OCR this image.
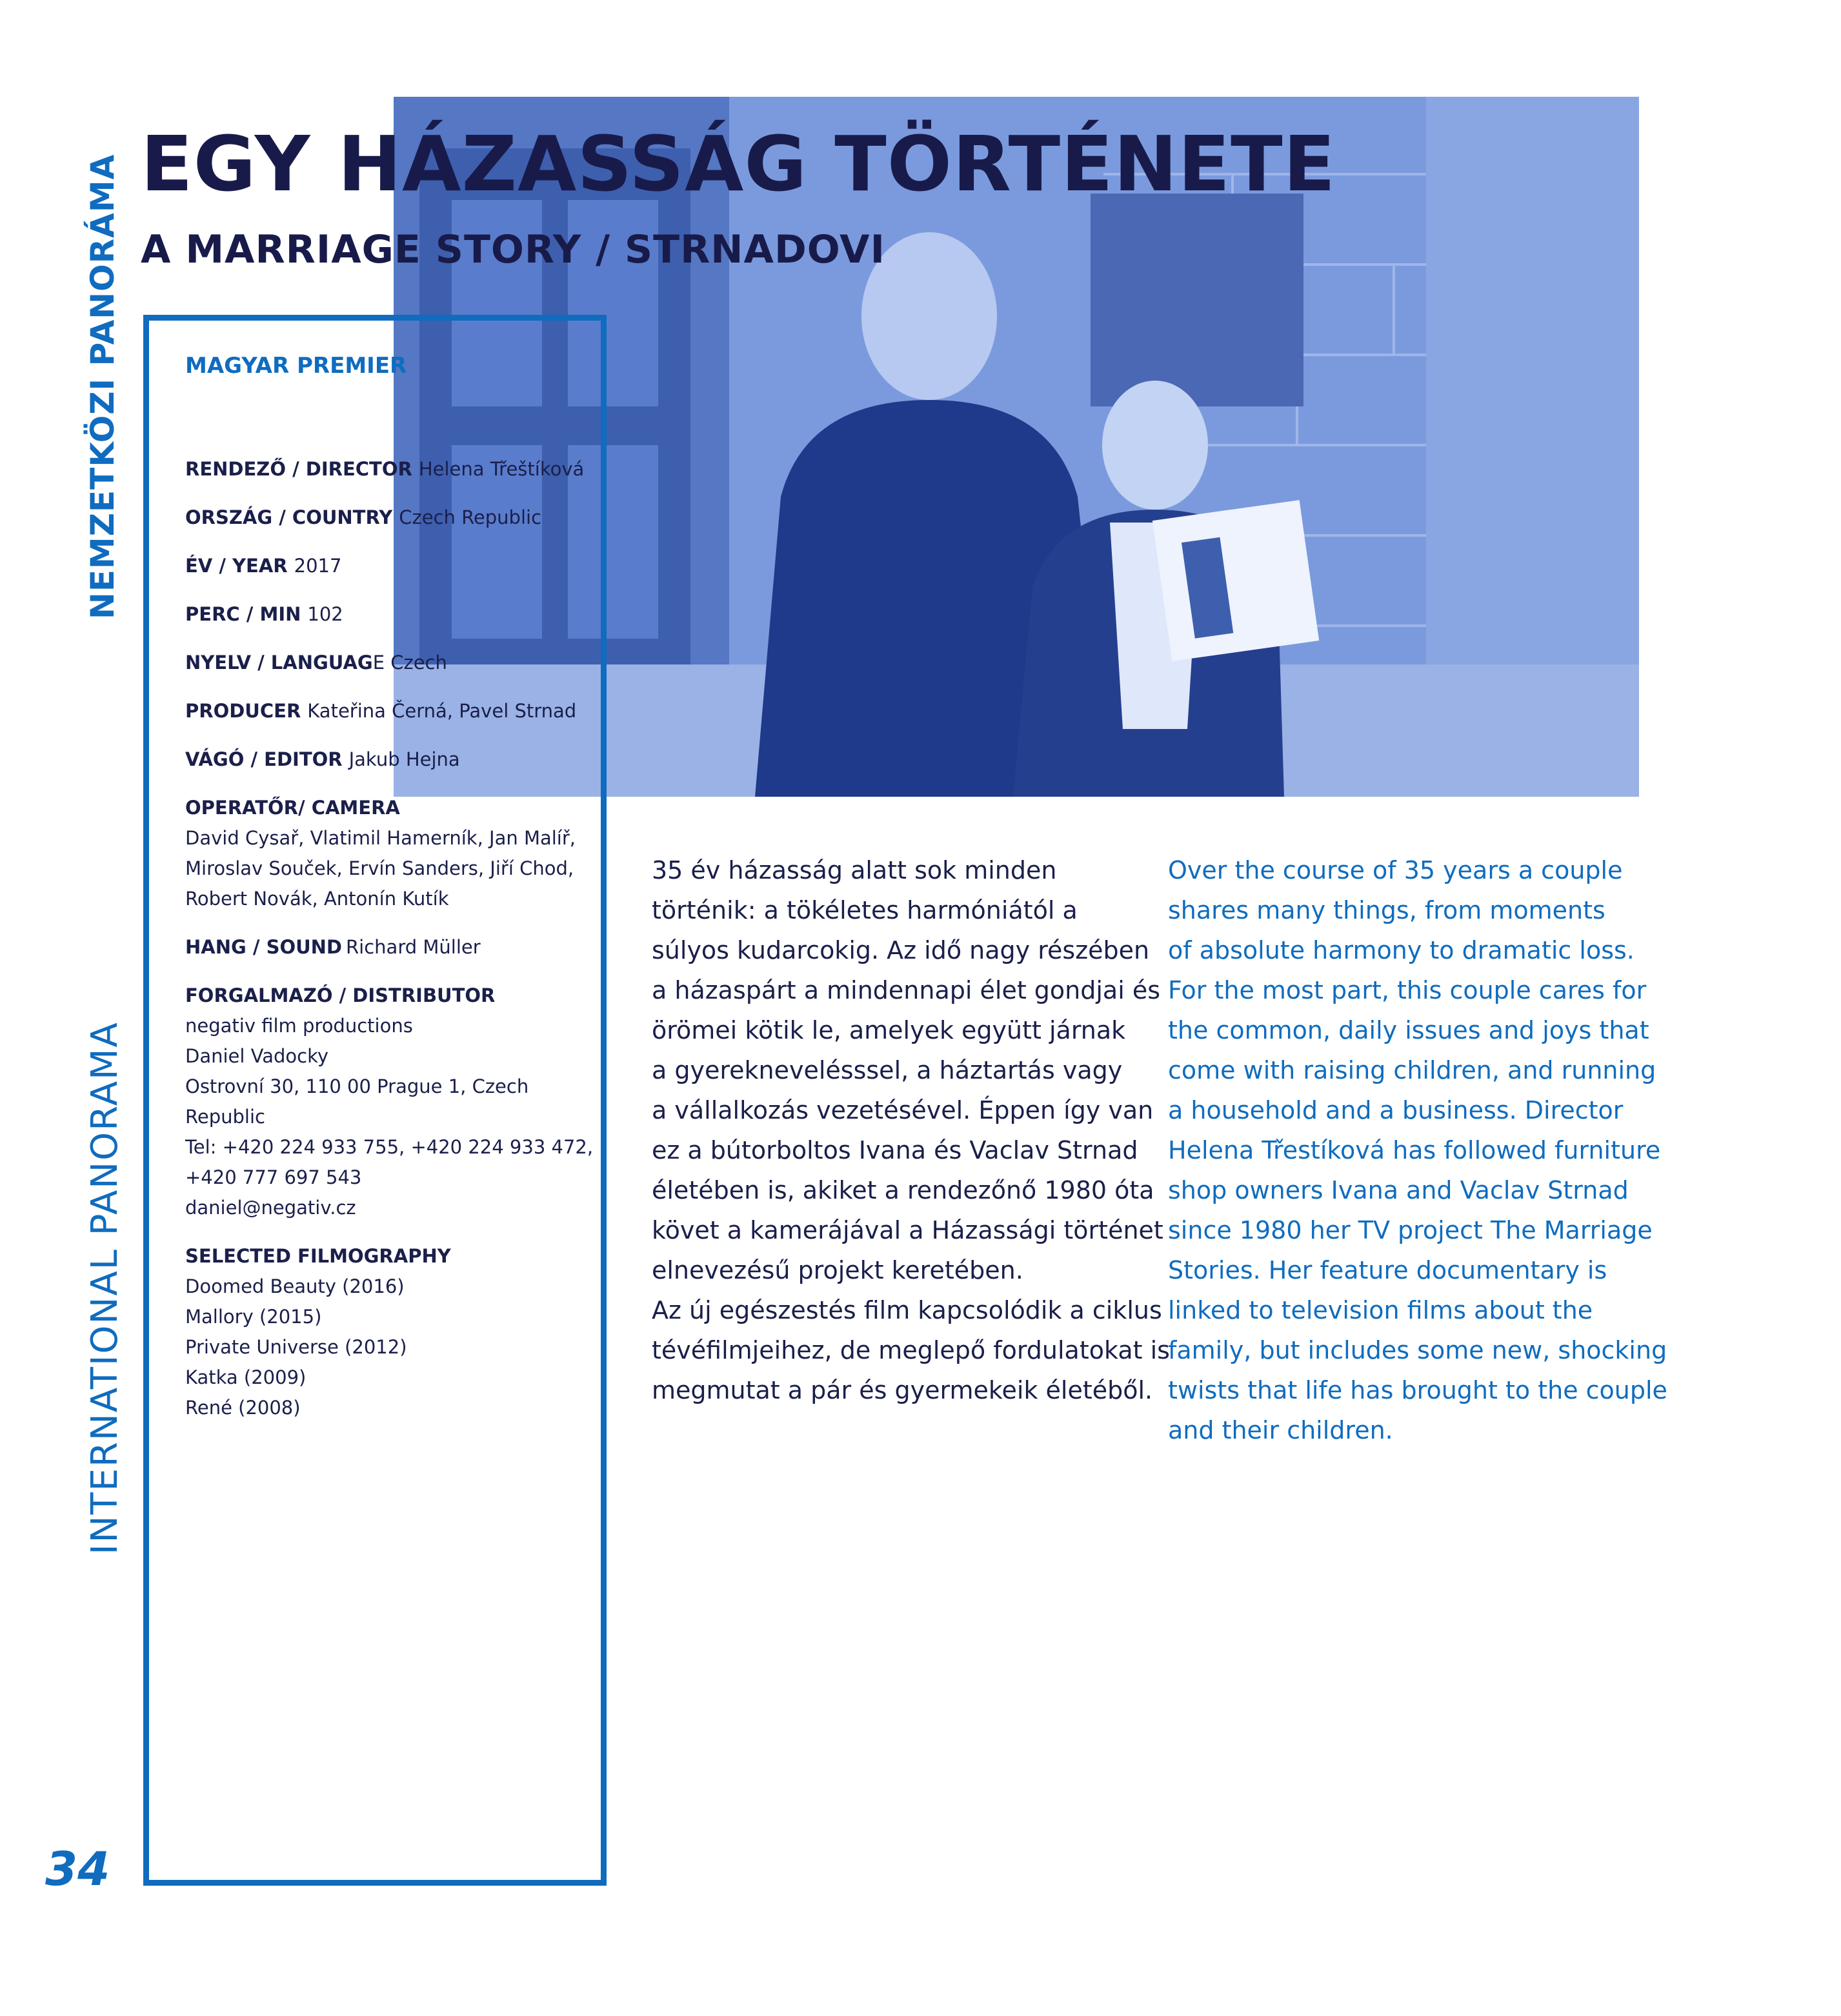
NEMZETKÖZI PANORÁMA
INTERNATIONAL PANORAMA
34
EGY HÁZASSÁG TÖRTÉNETE
A MARRIAGE STORY / STRNADOVI

MAGYAR PREMIER

RENDEZŐ / DIRECTOR Helena Třeštíková

ORSZÁG / COUNTRY Czech Republic

ÉV / YEAR 2017

PERC / MIN 102

NYELV / LANGUAGE Czech

PRODUCER Kateřina Černá, Pavel Strnad

VÁGÓ / EDITOR Jakub Hejna

OPERATŐR/ CAMERA
David Cysař, Vlatimil Hamerník, Jan Malíř,
Miroslav Souček, Ervín Sanders, Jiří Chod,
Robert Novák, Antonín Kutík

HANG / SOUND Richard Müller

FORGALMAZÓ / DISTRIBUTOR
negativ film productions
Daniel Vadocky
Ostrovní 30, 110 00 Prague 1, Czech Republic
Tel: +420 224 933 755, +420 224 933 472,
+420 777 697 543
daniel@negativ.cz

SELECTED FILMOGRAPHY
Doomed Beauty (2016)
Mallory (2015)
Private Universe (2012)
Katka (2009)
René (2008)

35 év házasság alatt sok minden
történik: a tökéletes harmóniától a
súlyos kudarcokig. Az idő nagy részében
a házaspárt a mindennapi élet gondjai és
örömei kötik le, amelyek együtt járnak
a gyereknevelésssel, a háztartás vagy
a vállalkozás vezetésével. Éppen így van
ez a bútorboltos Ivana és Vaclav Strnad
életében is, akiket a rendezőnő 1980 óta
követ a kamerájával a Házassági történet
elnevezésű projekt keretében.
Az új egészestés film kapcsolódik a ciklus
tévéfilmjeihez, de meglepő fordulatokat is
megmutat a pár és gyermekeik életéből.
Over the course of 35 years a couple
shares many things, from moments
of absolute harmony to dramatic loss.
For the most part, this couple cares for
the common, daily issues and joys that
come with raising children, and running
a household and a business. Director
Helena Třestíková has followed furniture
shop owners Ivana and Vaclav Strnad
since 1980 her TV project The Marriage
Stories. Her feature documentary is
linked to television films about the
family, but includes some new, shocking
twists that life has brought to the couple
and their children.
